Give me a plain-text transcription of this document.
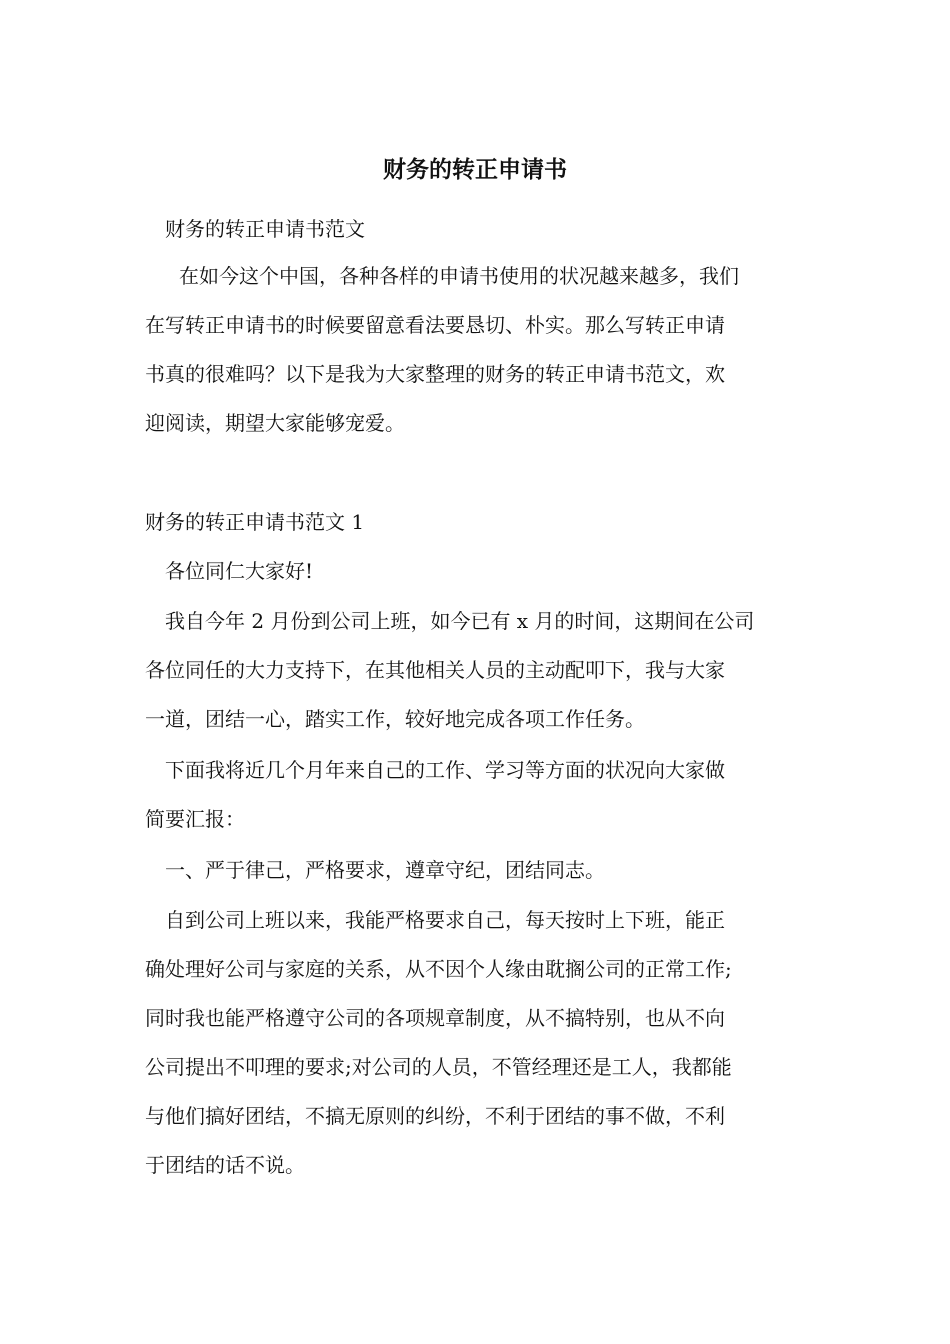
财务的转正申请书
财务的转正申请书范文
在如今这个中国，各种各样的申请书使用的状况越来越多，我们
在写转正申请书的时候要留意看法要恳切、朴实。那么写转正申请
书真的很难吗？以下是我为大家整理的财务的转正申请书范文，欢
迎阅读，期望大家能够宠爱。
财务的转正申请书范文 1
各位同仁大家好!
我自今年 2 月份到公司上班，如今已有 x 月的时间，这期间在公司
各位同任的大力支持下，在其他相关人员的主动配叩下，我与大家
一道，团结一心，踏实工作，较好地完成各项工作任务。
下面我将近几个月年来自己的工作、学习等方面的状况向大家做
简要汇报：
一、严于律己，严格要求，遵章守纪，团结同志。
自到公司上班以来，我能严格要求自己，每天按时上下班，能正
确处理好公司与家庭的关系，从不因个人缘由耽搁公司的正常工作;
同时我也能严格遵守公司的各项规章制度，从不搞特别，也从不向
公司提出不叩理的要求;对公司的人员，不管经理还是工人，我都能
与他们搞好团结，不搞无原则的纠纷，不利于团结的事不做，不利
于团结的话不说。
